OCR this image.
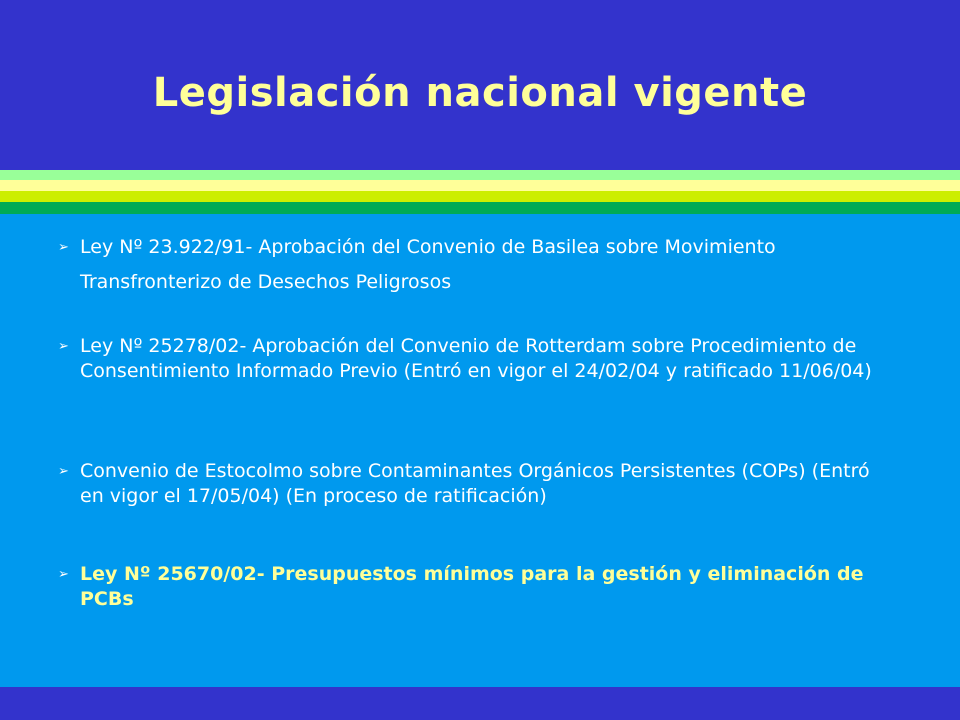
Legislación nacional vigente
➢ Ley Nº 23.922/91- Aprobación del Convenio de Basilea sobre Movimiento Transfronterizo de Desechos Peligrosos
➢ Ley Nº 25278/02- Aprobación del Convenio de Rotterdam sobre Procedimiento de Consentimiento Informado Previo (Entró en vigor el 24/02/04 y ratificado 11/06/04)
➢ Convenio de Estocolmo sobre Contaminantes Orgánicos Persistentes (COPs) (Entró en vigor el 17/05/04) (En proceso de ratificación)
➢ Ley Nº 25670/02- Presupuestos mínimos para la gestión y eliminación de PCBs
